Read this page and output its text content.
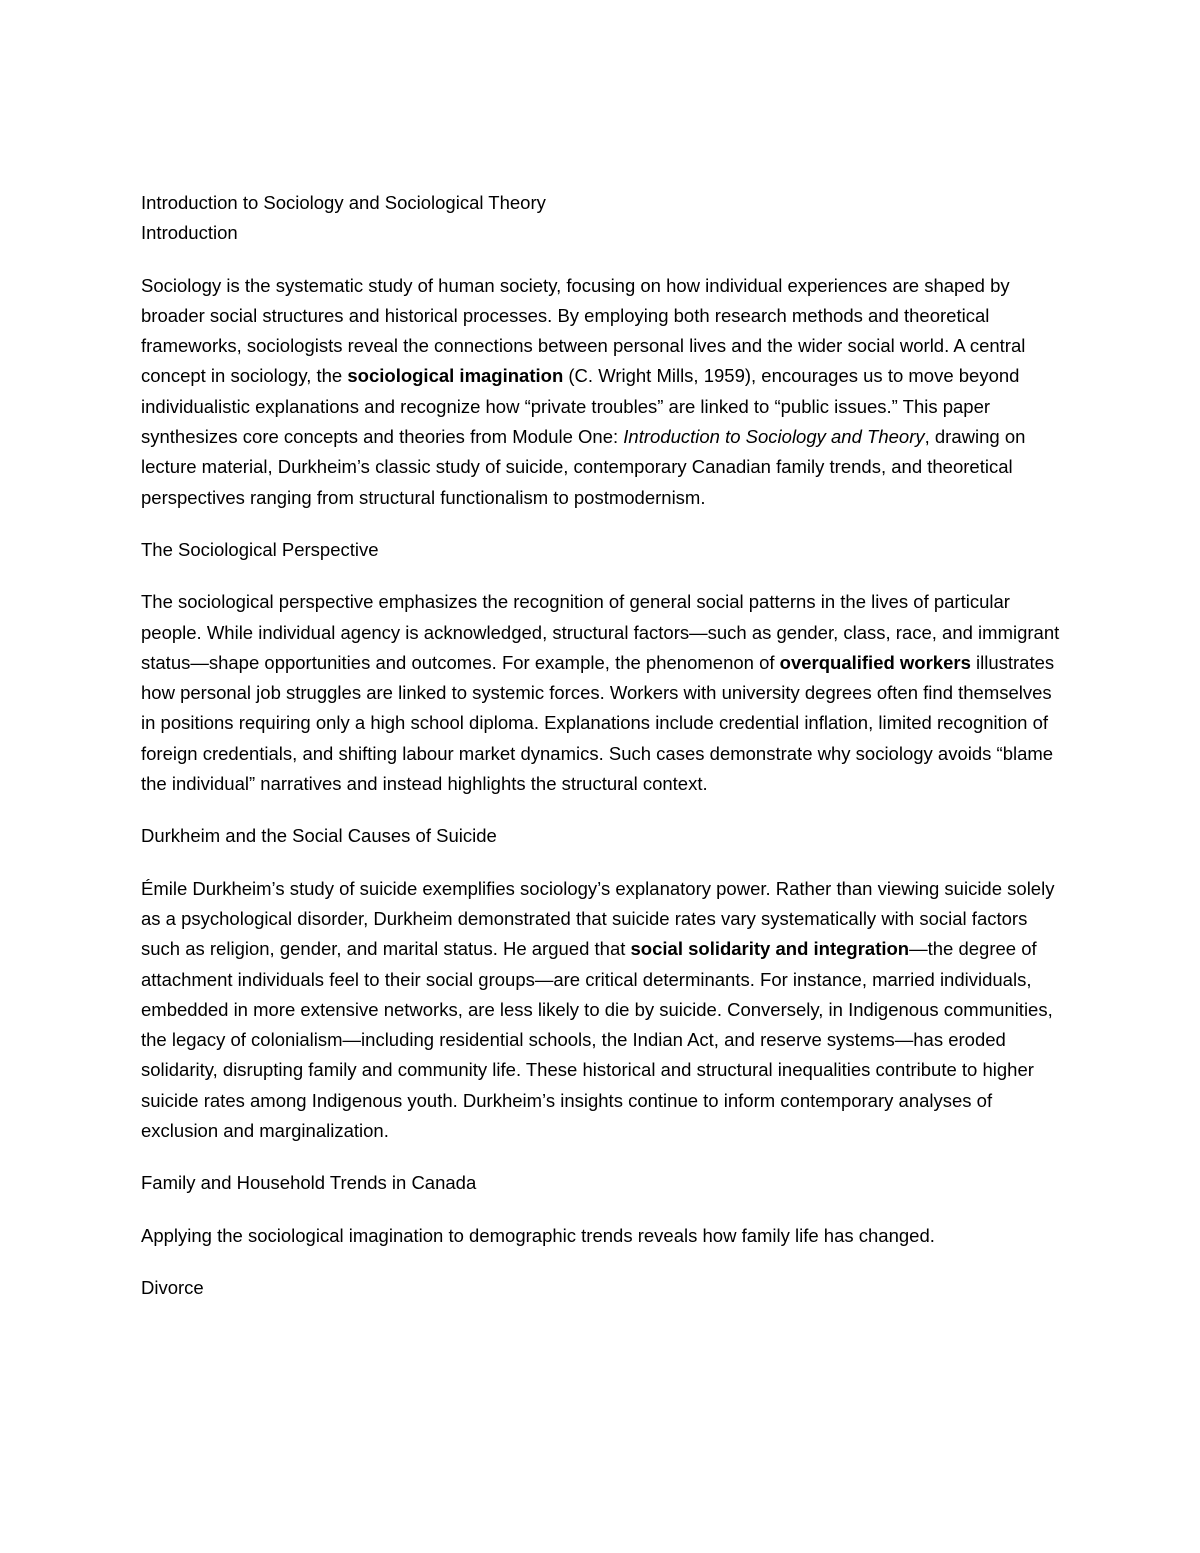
Introduction to Sociology and Sociological Theory

Introduction

Sociology is the systematic study of human society, focusing on how individual experiences are shaped by broader social structures and historical processes. By employing both research methods and theoretical frameworks, sociologists reveal the connections between personal lives and the wider social world. A central concept in sociology, the sociological imagination (C. Wright Mills, 1959), encourages us to move beyond individualistic explanations and recognize how “private troubles” are linked to “public issues.” This paper synthesizes core concepts and theories from Module One: Introduction to Sociology and Theory, drawing on lecture material, Durkheim’s classic study of suicide, contemporary Canadian family trends, and theoretical perspectives ranging from structural functionalism to postmodernism.

The Sociological Perspective

The sociological perspective emphasizes the recognition of general social patterns in the lives of particular people. While individual agency is acknowledged, structural factors—such as gender, class, race, and immigrant status—shape opportunities and outcomes. For example, the phenomenon of overqualified workers illustrates how personal job struggles are linked to systemic forces. Workers with university degrees often find themselves in positions requiring only a high school diploma. Explanations include credential inflation, limited recognition of foreign credentials, and shifting labour market dynamics. Such cases demonstrate why sociology avoids “blame the individual” narratives and instead highlights the structural context.

Durkheim and the Social Causes of Suicide

Émile Durkheim’s study of suicide exemplifies sociology’s explanatory power. Rather than viewing suicide solely as a psychological disorder, Durkheim demonstrated that suicide rates vary systematically with social factors such as religion, gender, and marital status. He argued that social solidarity and integration—the degree of attachment individuals feel to their social groups—are critical determinants. For instance, married individuals, embedded in more extensive networks, are less likely to die by suicide. Conversely, in Indigenous communities, the legacy of colonialism—including residential schools, the Indian Act, and reserve systems—has eroded solidarity, disrupting family and community life. These historical and structural inequalities contribute to higher suicide rates among Indigenous youth. Durkheim’s insights continue to inform contemporary analyses of exclusion and marginalization.

Family and Household Trends in Canada

Applying the sociological imagination to demographic trends reveals how family life has changed.

Divorce
